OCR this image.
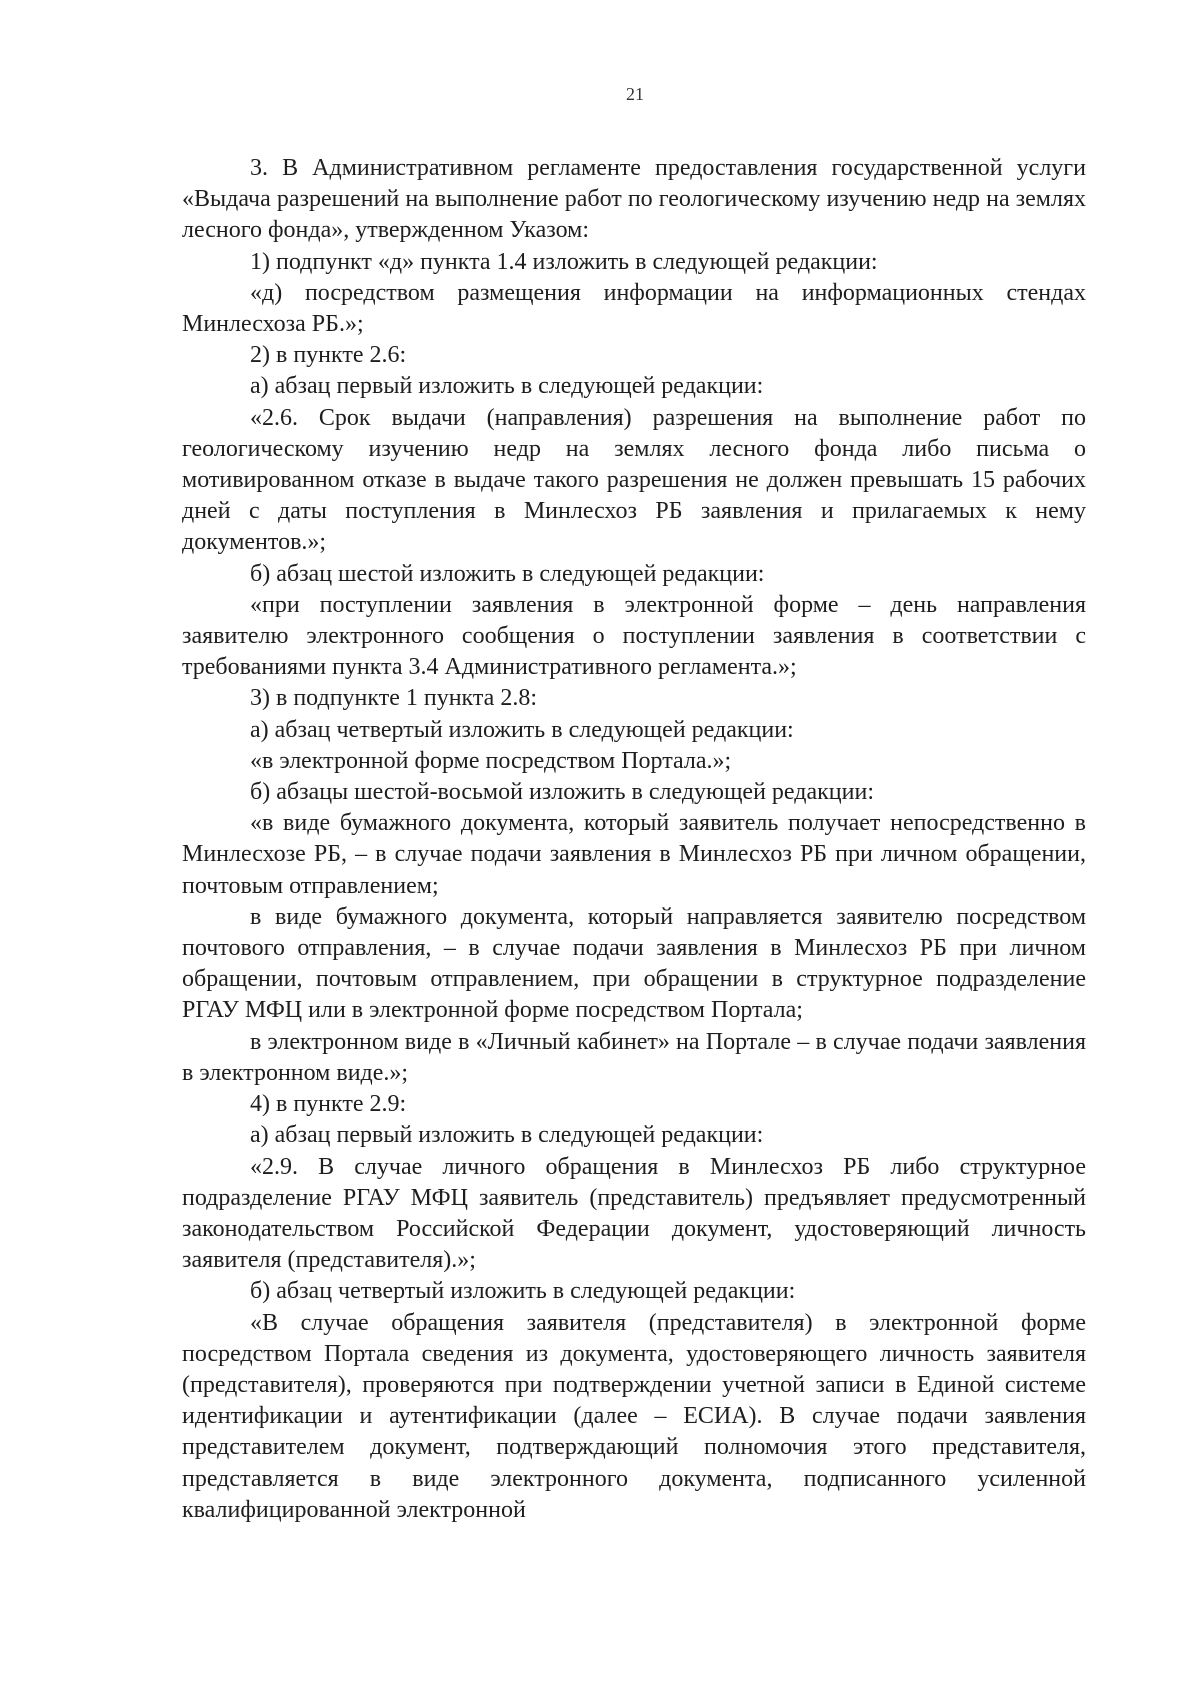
21

3. В Административном регламенте предоставления государственной услуги «Выдача разрешений на выполнение работ по геологическому изучению недр на землях лесного фонда», утвержденном Указом:

1) подпункт «д» пункта 1.4 изложить в следующей редакции:

«д) посредством размещения информации на информационных стендах Минлесхоза РБ.»;

2) в пункте 2.6:

а) абзац первый изложить в следующей редакции:

«2.6. Срок выдачи (направления) разрешения на выполнение работ по геологическому изучению недр на землях лесного фонда либо письма о мотивированном отказе в выдаче такого разрешения не должен превышать 15 рабочих дней с даты поступления в Минлесхоз РБ заявления и прилагаемых к нему документов.»;

б) абзац шестой изложить в следующей редакции:

«при поступлении заявления в электронной форме – день направления заявителю электронного сообщения о поступлении заявления в соответствии с требованиями пункта 3.4 Административного регламента.»;

3) в подпункте 1 пункта 2.8:

а) абзац четвертый изложить в следующей редакции:

«в электронной форме посредством Портала.»;

б) абзацы шестой-восьмой изложить в следующей редакции:

«в виде бумажного документа, который заявитель получает непосредственно в Минлесхозе РБ, – в случае подачи заявления в Минлесхоз РБ при личном обращении, почтовым отправлением;

в виде бумажного документа, который направляется заявителю посредством почтового отправления, – в случае подачи заявления в Минлесхоз РБ при личном обращении, почтовым отправлением, при обращении в структурное подразделение РГАУ МФЦ или в электронной форме посредством Портала;

в электронном виде в «Личный кабинет» на Портале – в случае подачи заявления в электронном виде.»;

4) в пункте 2.9:

а) абзац первый изложить в следующей редакции:

«2.9. В случае личного обращения в Минлесхоз РБ либо структурное подразделение РГАУ МФЦ заявитель (представитель) предъявляет предусмотренный законодательством Российской Федерации документ, удостоверяющий личность заявителя (представителя).»;

б) абзац четвертый изложить в следующей редакции:

«В случае обращения заявителя (представителя) в электронной форме посредством Портала сведения из документа, удостоверяющего личность заявителя (представителя), проверяются при подтверждении учетной записи в Единой системе идентификации и аутентификации (далее – ЕСИА). В случае подачи заявления представителем документ, подтверждающий полномочия этого представителя, представляется в виде электронного документа, подписанного усиленной квалифицированной электронной
